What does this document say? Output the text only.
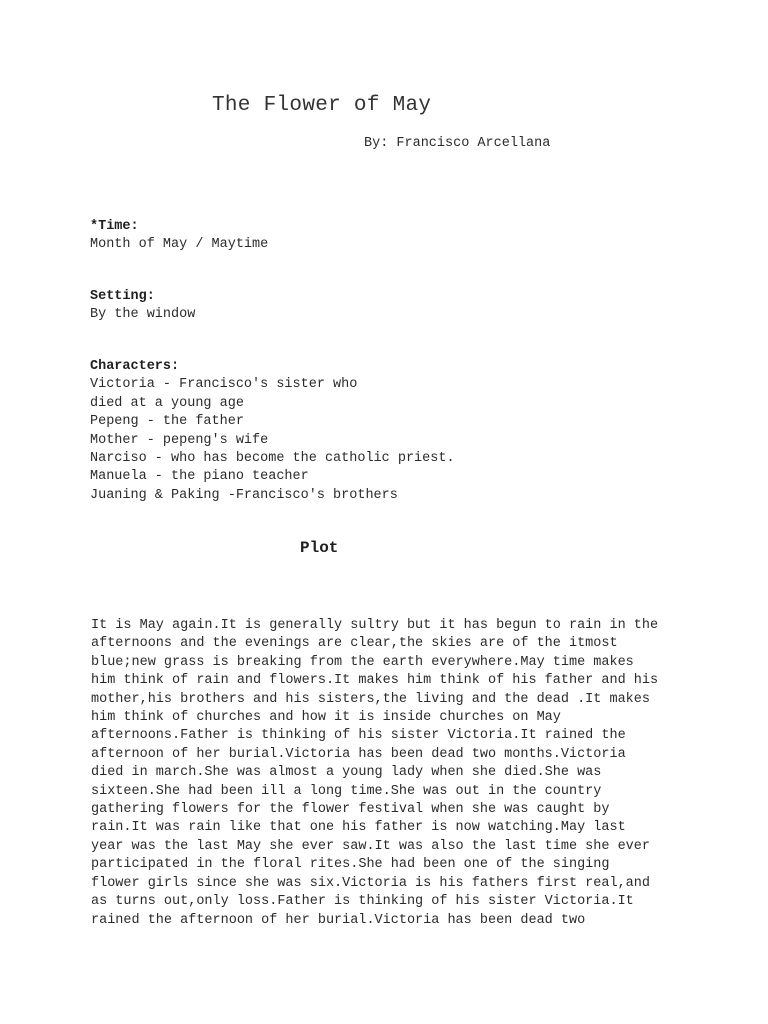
The Flower of May
By: Francisco Arcellana
*Time:
Month of May / Maytime
Setting:
By the window
Characters:
Victoria - Francisco's sister who
died at a young age
Pepeng - the father
Mother - pepeng's wife
Narciso - who has become the catholic priest.
Manuela - the piano teacher
Juaning & Paking -Francisco's brothers
Plot
It is May again.It is generally sultry but it has begun to rain in the
afternoons and the evenings are clear,the skies are of the itmost
blue;new grass is breaking from the earth everywhere.May time makes
him think of rain and flowers.It makes him think of his father and his
mother,his brothers and his sisters,the living and the dead .It makes
him think of churches and how it is inside churches on May
afternoons.Father is thinking of his sister Victoria.It rained the
afternoon of her burial.Victoria has been dead two months.Victoria
died in march.She was almost a young lady when she died.She was
sixteen.She had been ill a long time.She was out in the country
gathering flowers for the flower festival when she was caught by
rain.It was rain like that one his father is now watching.May last
year was the last May she ever saw.It was also the last time she ever
participated in the floral rites.She had been one of the singing
flower girls since she was six.Victoria is his fathers first real,and
as turns out,only loss.Father is thinking of his sister Victoria.It
rained the afternoon of her burial.Victoria has been dead two
